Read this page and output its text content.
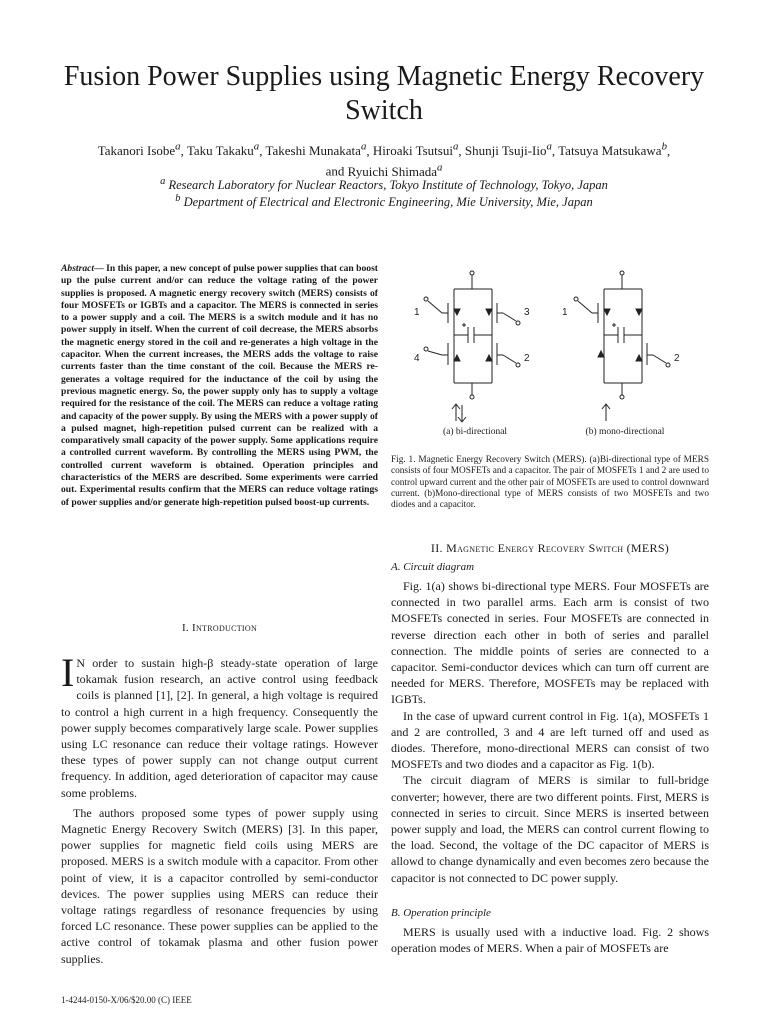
Fusion Power Supplies using Magnetic Energy Recovery Switch
Takanori Isobe$^a$, Taku Takaku$^a$, Takeshi Munakata$^a$, Hiroaki Tsutsui$^a$, Shunji Tsuji-Iio$^a$, Tatsuya Matsukawa$^b$,
and Ryuichi Shimada$^a$
$^a$ Research Laboratory for Nuclear Reactors, Tokyo Institute of Technology, Tokyo, Japan
$^b$ Department of Electrical and Electronic Engineering, Mie University, Mie, Japan
Abstract— In this paper, a new concept of pulse power supplies that can boost up the pulse current and/or can reduce the voltage rating of the power supplies is proposed. A magnetic energy recovery switch (MERS) consists of four MOSFETs or IGBTs and a capacitor. The MERS is connected in series to a power supply and a coil. The MERS is a switch module and it has no power supply in itself. When the current of coil decrease, the MERS absorbs the magnetic energy stored in the coil and re-generates a high voltage in the capacitor. When the current increases, the MERS adds the voltage to raise currents faster than the time constant of the coil. Because the MERS re-generates a voltage required for the inductance of the coil by using the previous magnetic energy. So, the power supply only has to supply a voltage required for the resistance of the coil. The MERS can reduce a voltage rating and capacity of the power supply. By using the MERS with a power supply of a pulsed magnet, high-repetition pulsed current can be realized with a comparatively small capacity of the power supply. Some applications require a controlled current waveform. By controlling the MERS using PWM, the controlled current waveform is obtained. Operation principles and characteristics of the MERS are described. Some experiments were carried out. Experimental results confirm that the MERS can reduce voltage ratings of power supplies and/or generate high-repetition pulsed boost-up currents.
I. Introduction

I N order to sustain high-β steady-state operation of large tokamak fusion research, an active control using feedback coils is planned [1], [2]. In general, a high voltage is required to control a high current in a high frequency. Consequently the power supply becomes comparatively large scale. Power supplies using LC resonance can reduce their voltage ratings. However these types of power supply can not change output current frequency. In addition, aged deterioration of capacitor may cause some problems.

The authors proposed some types of power supply using Magnetic Energy Recovery Switch (MERS) [3]. In this paper, power supplies for magnetic field coils using MERS are proposed. MERS is a switch module with a capacitor. From other point of view, it is a capacitor controlled by semi-conductor devices. The power supplies using MERS can reduce their voltage ratings regardless of resonance frequencies by using forced LC resonance. These power supplies can be applied to the active control of tokamak plasma and other fusion power supplies.

1	3
4	2
1
2
(a) bi-directional	(b) mono-directional
Fig. 1. Magnetic Energy Recovery Switch (MERS). (a)Bi-directional type of MERS consists of four MOSFETs and a capacitor. The pair of MOSFETs 1 and 2 are used to control upward current and the other pair of MOSFETs are used to control downward current. (b)Mono-directional type of MERS consists of two MOSFETs and two diodes and a capacitor.
II. Magnetic Energy Recovery Switch (MERS)
A. Circuit diagram

Fig. 1(a) shows bi-directional type MERS. Four MOSFETs are connected in two parallel arms. Each arm is consist of two MOSFETs conected in series. Four MOSFETs are connected in reverse direction each other in both of series and parallel connection. The middle points of series are connected to a capacitor. Semi-conductor devices which can turn off current are needed for MERS. Therefore, MOSFETs may be replaced with IGBTs.

In the case of upward current control in Fig. 1(a), MOSFETs 1 and 2 are controlled, 3 and 4 are left turned off and used as diodes. Therefore, mono-directional MERS can consist of two MOSFETs and two diodes and a capacitor as Fig. 1(b).

The circuit diagram of MERS is similar to full-bridge converter; however, there are two different points. First, MERS is connected in series to circuit. Since MERS is inserted between power supply and load, the MERS can control current flowing to the load. Second, the voltage of the DC capacitor of MERS is allowd to change dynamically and even becomes zero because the capacitor is not connected to DC power supply.

B. Operation principle

MERS is usually used with a inductive load. Fig. 2 shows operation modes of MERS. When a pair of MOSFETs are

1-4244-0150-X/06/$20.00 (C) IEEE
